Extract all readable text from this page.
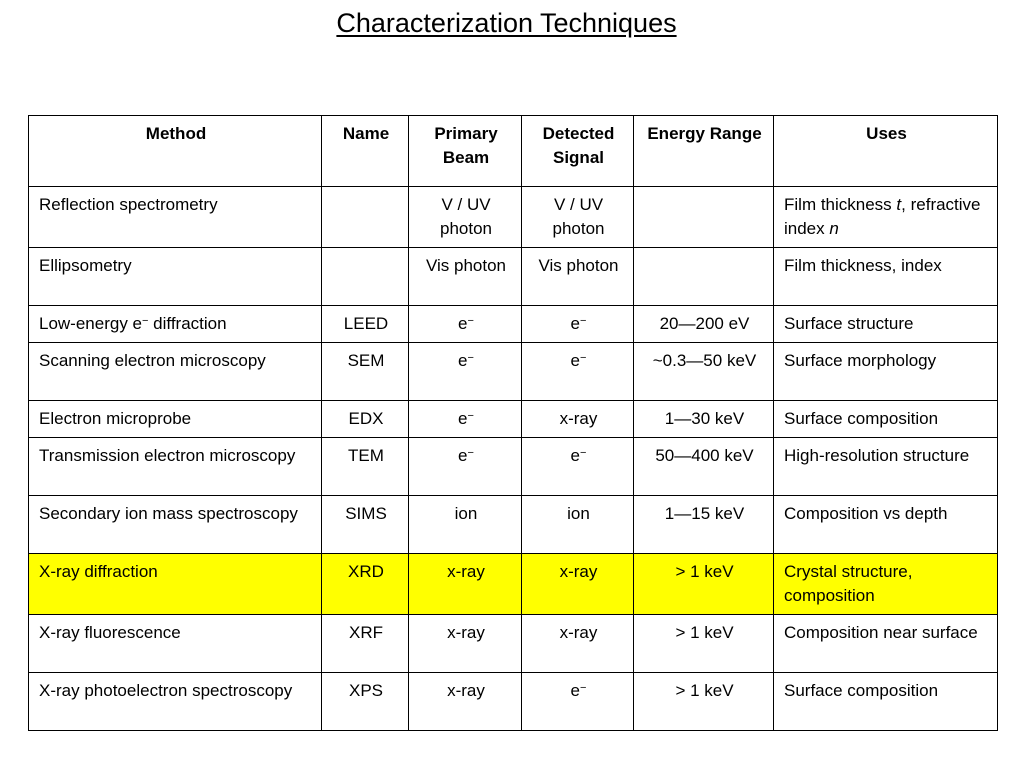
Characterization Techniques
Method	Name	Primary Beam	Detected Signal	Energy Range	Uses
Reflection spectrometry		V / UV photon	V / UV photon		Film thickness t, refractive index n
Ellipsometry		Vis photon	Vis photon		Film thickness, index
Low-energy e− diffraction	LEED	e−	e−	20—200 eV	Surface structure
Scanning electron microscopy	SEM	e−	e−	~0.3—50 keV	Surface morphology
Electron microprobe	EDX	e−	x-ray	1—30 keV	Surface composition
Transmission electron microscopy	TEM	e−	e−	50—400 keV	High-resolution structure
Secondary ion mass spectroscopy	SIMS	ion	ion	1—15 keV	Composition vs depth
X-ray diffraction	XRD	x-ray	x-ray	> 1 keV	Crystal structure, composition
X-ray fluorescence	XRF	x-ray	x-ray	> 1 keV	Composition near surface
X-ray photoelectron spectroscopy	XPS	x-ray	e−	> 1 keV	Surface composition
